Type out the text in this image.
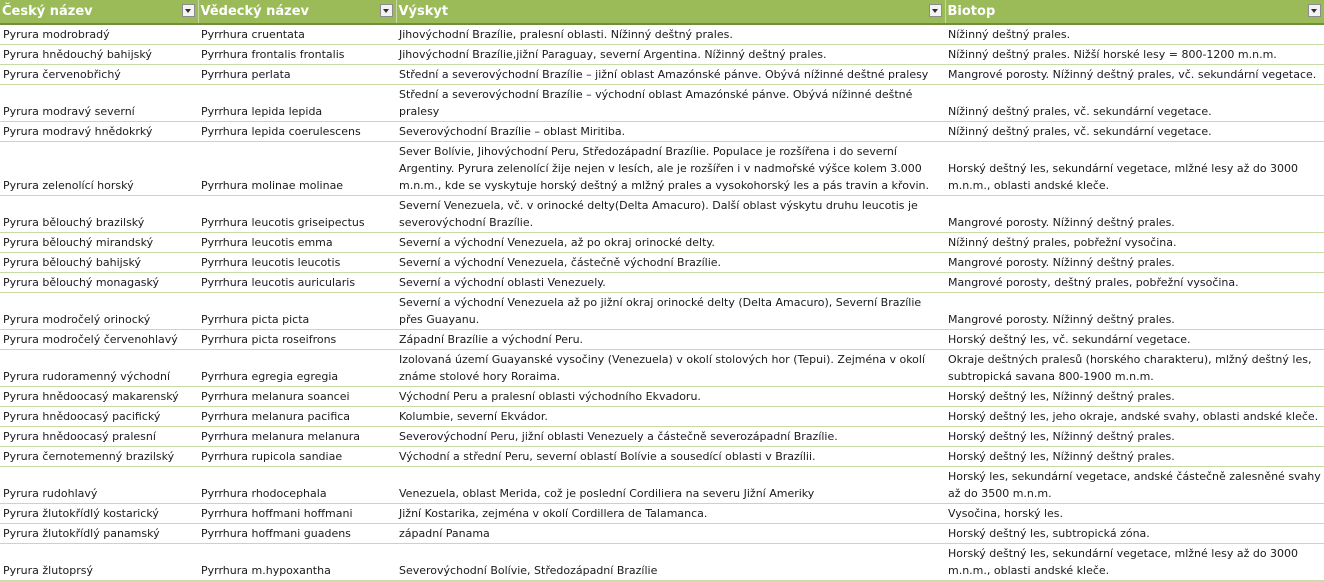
Český název	Vědecký název	Výskyt	Biotop

Pyrura modrobradý	Pyrrhura cruentata	Jihovýchodní Brazílie, pralesní oblasti. Nížinný deštný prales.	Nížinný deštný prales.
Pyrura hnědouchý bahijský	Pyrrhura frontalis frontalis	Jihovýchodní Brazílie,jižní Paraguay, severní Argentina. Nížinný deštný prales.	Nížinný deštný prales. Nižší horské lesy = 800-1200 m.n.m.
Pyrura červenobřichý	Pyrrhura perlata	Střední a severovýchodní Brazílie – jižní oblast Amazónské pánve. Obývá nížinné deštné pralesy	Mangrové porosty. Nížinný deštný prales, vč. sekundární vegetace.
Pyrura modravý severní	Pyrrhura lepida lepida	Střední a severovýchodní Brazílie – východní oblast Amazónské pánve. Obývá nížinné deštné pralesy	Nížinný deštný prales, vč. sekundární vegetace.
Pyrura modravý hnědokrký	Pyrrhura lepida coerulescens	Severovýchodní Brazílie – oblast Miritiba.	Nížinný deštný prales, vč. sekundární vegetace.
Pyrura zelenolící horský	Pyrrhura molinae molinae	Sever Bolívie, Jihovýchodní Peru, Středozápadní Brazílie. Populace je rozšířena i do severní Argentiny. Pyrura zelenolící žije nejen v lesích, ale je rozšířen i v nadmořské výšce kolem 3.000 m.n.m., kde se vyskytuje horský deštný a mlžný prales a vysokohorský les a pás travin a křovin.	Horský deštný les, sekundární vegetace, mlžné lesy až do 3000 m.n.m., oblasti andské kleče.
Pyrura bělouchý brazilský	Pyrrhura leucotis griseipectus	Severní Venezuela, vč. v orinocké delty(Delta Amacuro). Další oblast výskytu druhu leucotis je severovýchodní Brazílie.	Mangrové porosty. Nížinný deštný prales.
Pyrura bělouchý mirandský	Pyrrhura leucotis emma	Severní a východní Venezuela, až po okraj orinocké delty.	Nížinný deštný prales, pobřežní vysočina.
Pyrura bělouchý bahijský	Pyrrhura leucotis leucotis	Severní a východní Venezuela, částečně východní Brazílie.	Mangrové porosty. Nížinný deštný prales.
Pyrura bělouchý monagaský	Pyrrhura leucotis auricularis	Severní a východní oblasti Venezuely.	Mangrové porosty, deštný prales, pobřežní vysočina.
Pyrura modročelý orinocký	Pyrrhura picta picta	Severní a východní Venezuela až po jižní okraj orinocké delty (Delta Amacuro), Severní Brazílie přes Guayanu.	Mangrové porosty. Nížinný deštný prales.
Pyrura modročelý červenohlavý	Pyrrhura picta roseifrons	Západní Brazílie a východní Peru.	Horský deštný les, vč. sekundární vegetace.
Pyrura rudoramenný východní	Pyrrhura egregia egregia	Izolovaná území Guayanské vysočiny (Venezuela) v okolí stolových hor (Tepui). Zejména v okolí známe stolové hory Roraima.	Okraje deštných pralesů (horského charakteru), mlžný deštný les, subtropická savana 800-1900 m.n.m.
Pyrura hnědoocasý makarenský	Pyrrhura melanura soancei	Východní Peru a pralesní oblasti východního Ekvadoru.	Horský deštný les, Nížinný deštný prales.
Pyrura hnědoocasý pacifický	Pyrrhura melanura pacifica	Kolumbie, severní Ekvádor.	Horský deštný les, jeho okraje, andské svahy, oblasti andské kleče.
Pyrura hnědoocasý pralesní	Pyrrhura melanura melanura	Severovýchodní Peru, jižní oblasti Venezuely a částečně severozápadní Brazílie.	Horský deštný les, Nížinný deštný prales.
Pyrura černotemenný brazilský	Pyrrhura rupicola sandiae	Východní a střední Peru, severní oblastí Bolívie a sousedící oblasti v Brazílii.	Horský deštný les, Nížinný deštný prales.
Pyrura rudohlavý	Pyrrhura rhodocephala	Venezuela, oblast Merida, což je poslední Cordiliera na severu Jižní Ameriky	Horský les, sekundární vegetace, andské částečně zalesněné svahy až do 3500 m.n.m.
Pyrura žlutokřídlý kostarický	Pyrrhura hoffmani hoffmani	Jižní Kostarika, zejména v okolí Cordillera de Talamanca.	Vysočina, horský les.
Pyrura žlutokřídlý panamský	Pyrrhura hoffmani guadens	západní Panama	Horský deštný les, subtropická zóna.
Pyrura žlutoprsý	Pyrrhura m.hypoxantha	Severovýchodní Bolívie, Středozápadní Brazílie	Horský deštný les, sekundární vegetace, mlžné lesy až do 3000 m.n.m., oblasti andské kleče.
